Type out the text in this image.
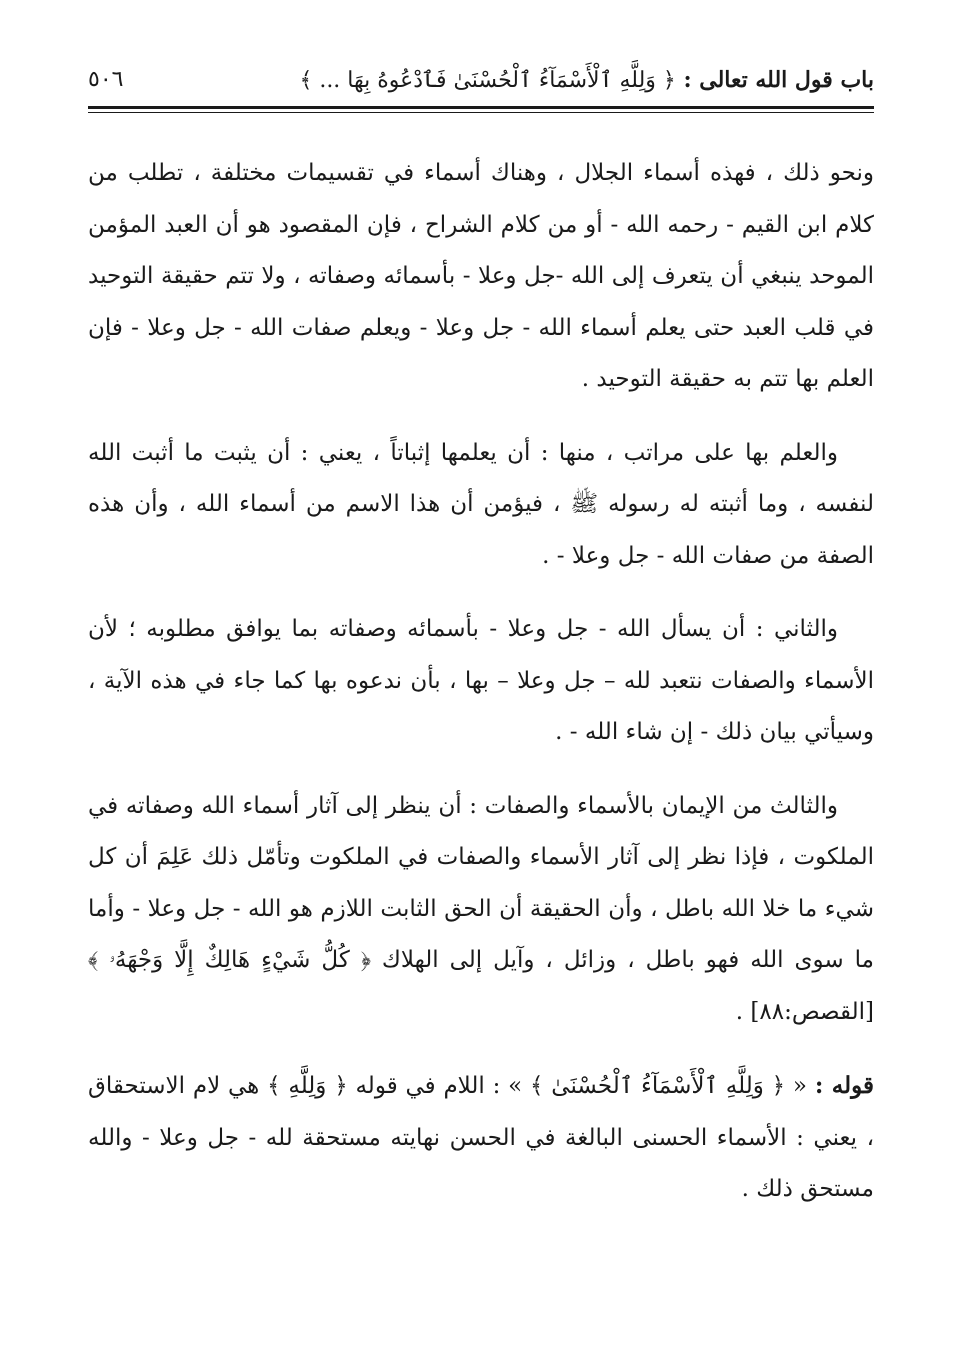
باب قول الله تعالى : ﴿ وَلِلَّهِ ٱلْأَسْمَآءُ ٱلْحُسْنَىٰ فَٱدْعُوهُ بِهَا ... ﴾
٥٠٦

ونحو ذلك ، فهذه أسماء الجلال ، وهناك أسماء في تقسيمات مختلفة ، تطلب من كلام ابن القيم - رحمه الله - أو من كلام الشراح ، فإن المقصود هو أن العبد المؤمن الموحد ينبغي أن يتعرف إلى الله -جل وعلا - بأسمائه وصفاته ، ولا تتم حقيقة التوحيد في قلب العبد حتى يعلم أسماء الله - جل وعلا - ويعلم صفات الله - جل وعلا - فإن العلم بها تتم به حقيقة التوحيد .

والعلم بها على مراتب ، منها : أن يعلمها إثباتاً ، يعني : أن يثبت ما أثبت الله لنفسه ، وما أثبته له رسوله ﷺ ، فيؤمن أن هذا الاسم من أسماء الله ، وأن هذه الصفة من صفات الله - جل وعلا - .

والثاني : أن يسأل الله - جل وعلا - بأسمائه وصفاته بما يوافق مطلوبه ؛ لأن الأسماء والصفات نتعبد لله – جل وعلا – بها ، بأن ندعوه بها كما جاء في هذه الآية ، وسيأتي بيان ذلك - إن شاء الله - .

والثالث من الإيمان بالأسماء والصفات : أن ينظر إلى آثار أسماء الله وصفاته في الملكوت ، فإذا نظر إلى آثار الأسماء والصفات في الملكوت وتأمّل ذلك عَلِمَ أن كل شيء ما خلا الله باطل ، وأن الحقيقة أن الحق الثابت اللازم هو الله - جل وعلا - وأما ما سوى الله فهو باطل ، وزائل ، وآيل إلى الهلاك ﴿ كُلُّ شَيْءٍ هَالِكٌ إِلَّا وَجْهَهُۥ ﴾ [القصص:٨٨] .

قوله : « ﴿ وَلِلَّهِ ٱلْأَسْمَآءُ ٱلْحُسْنَىٰ ﴾ » : اللام في قوله ﴿ وَلِلَّهِ ﴾ هي لام الاستحقاق ، يعني : الأسماء الحسنى البالغة في الحسن نهايته مستحقة لله - جل وعلا - والله مستحق ذلك .
